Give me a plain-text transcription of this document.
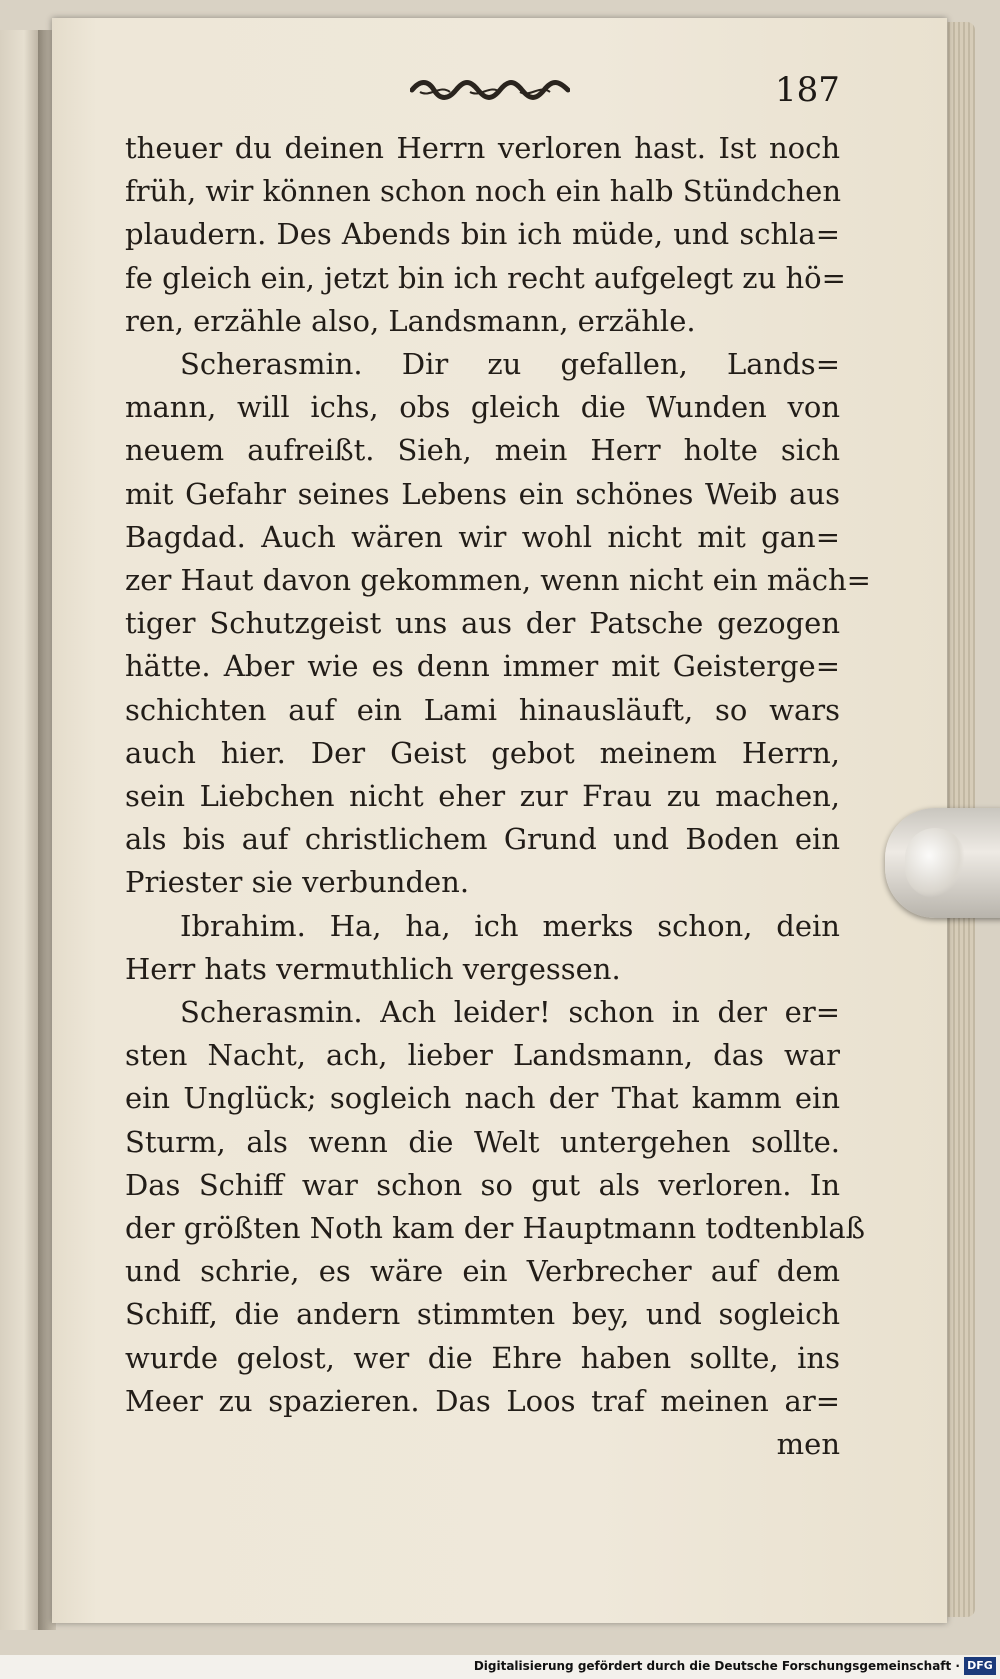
187
theuer du deinen Herrn verloren hast. Ist noch
früh, wir können schon noch ein halb Stündchen
plaudern. Des Abends bin ich müde, und schla=
fe gleich ein, jetzt bin ich recht aufgelegt zu hö=
ren, erzähle also, Landsmann, erzähle.
Scherasmin. Dir zu gefallen, Lands=
mann, will ichs, obs gleich die Wunden von
neuem aufreißt. Sieh, mein Herr holte sich
mit Gefahr seines Lebens ein schönes Weib aus
Bagdad. Auch wären wir wohl nicht mit gan=
zer Haut davon gekommen, wenn nicht ein mäch=
tiger Schutzgeist uns aus der Patsche gezogen
hätte. Aber wie es denn immer mit Geisterge=
schichten auf ein Lami hinausläuft, so wars
auch hier. Der Geist gebot meinem Herrn,
sein Liebchen nicht eher zur Frau zu machen,
als bis auf christlichem Grund und Boden ein
Priester sie verbunden.
Ibrahim. Ha, ha, ich merks schon, dein
Herr hats vermuthlich vergessen.
Scherasmin. Ach leider! schon in der er=
sten Nacht, ach, lieber Landsmann, das war
ein Unglück; sogleich nach der That kamm ein
Sturm, als wenn die Welt untergehen sollte.
Das Schiff war schon so gut als verloren. In
der größten Noth kam der Hauptmann todtenblaß
und schrie, es wäre ein Verbrecher auf dem
Schiff, die andern stimmten bey, und sogleich
wurde gelost, wer die Ehre haben sollte, ins
Meer zu spazieren. Das Loos traf meinen ar=
men
Digitalisierung gefördert durch die Deutsche Forschungsgemeinschaft · DFG
